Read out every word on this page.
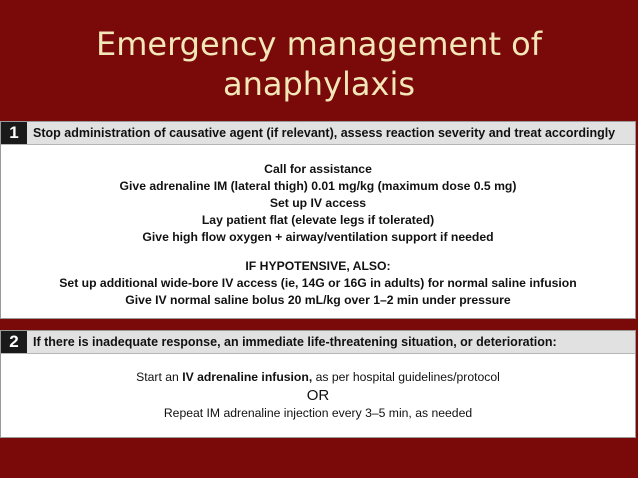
Emergency management of
anaphylaxis
1	Stop administration of causative agent (if relevant), assess reaction severity and treat accordingly
Call for assistance
Give adrenaline IM (lateral thigh) 0.01 mg/kg (maximum dose 0.5 mg)
Set up IV access
Lay patient flat (elevate legs if tolerated)
Give high flow oxygen + airway/ventilation support if needed
IF HYPOTENSIVE, ALSO:
Set up additional wide-bore IV access (ie, 14G or 16G in adults) for normal saline infusion
Give IV normal saline bolus 20 mL/kg over 1–2 min under pressure
2	If there is inadequate response, an immediate life-threatening situation, or deterioration:
Start an IV adrenaline infusion, as per hospital guidelines/protocol
OR
Repeat IM adrenaline injection every 3–5 min, as needed
